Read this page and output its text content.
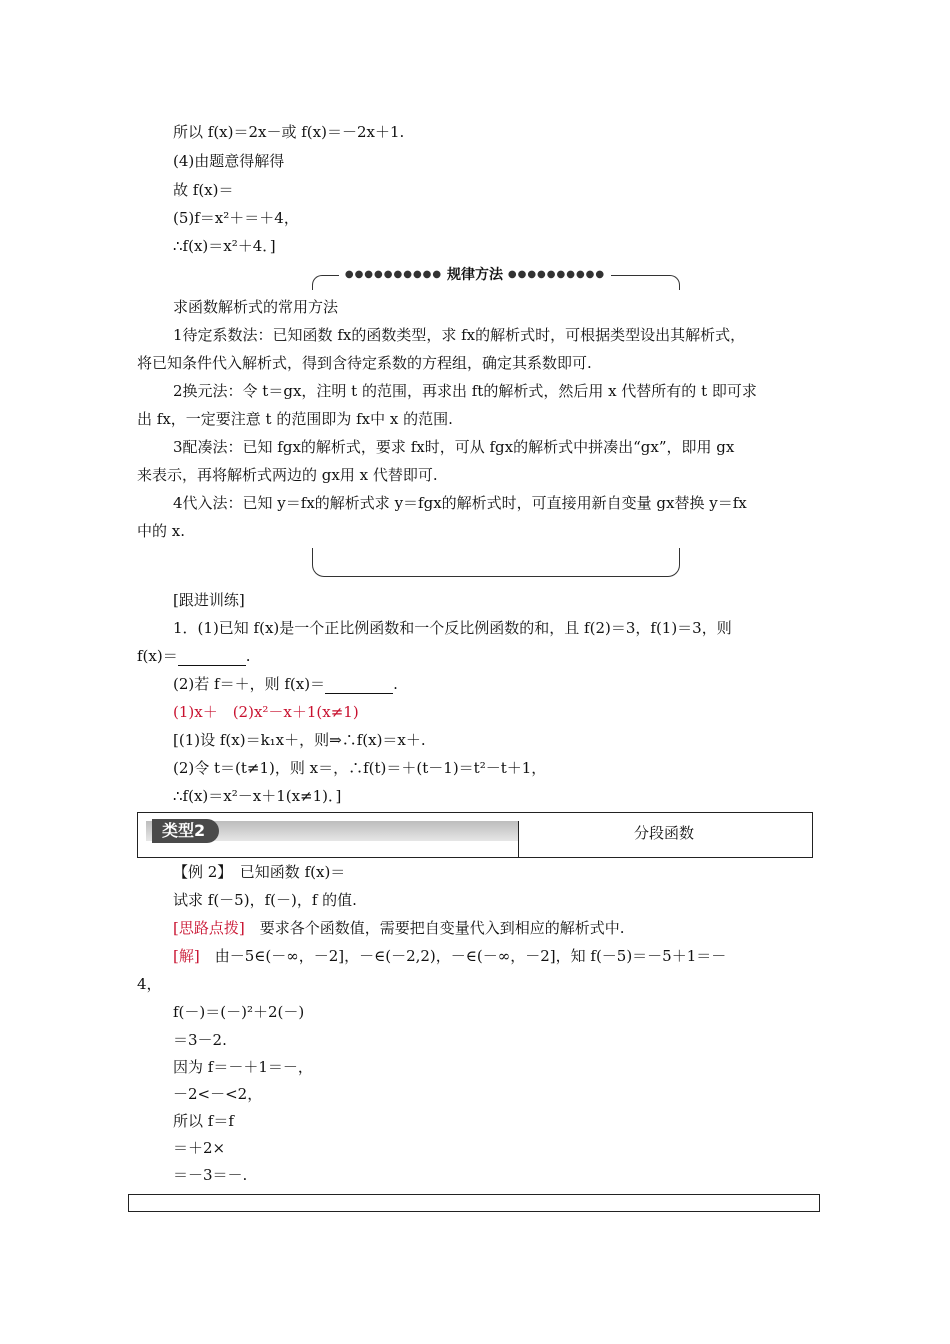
所以 f(x)＝2x－或 f(x)＝－2x＋1.
(4)由题意得解得
故 f(x)＝
(5)f＝x²＋＝＋4，
∴f(x)＝x²＋4．]
●●●●●●●●●● 规律方法 ●●●●●●●●●●
求函数解析式的常用方法
1待定系数法：已知函数 fx的函数类型，求 fx的解析式时，可根据类型设出其解析式，
将已知条件代入解析式，得到含待定系数的方程组，确定其系数即可.
2换元法：令 t＝gx，注明 t 的范围，再求出 ft的解析式，然后用 x 代替所有的 t 即可求
出 fx，一定要注意 t 的范围即为 fx中 x 的范围.
3配凑法：已知 fgx的解析式，要求 fx时，可从 fgx的解析式中拼凑出“gx”，即用 gx
来表示，再将解析式两边的 gx用 x 代替即可.
4代入法：已知 y＝fx的解析式求 y＝fgx的解析式时，可直接用新自变量 gx替换 y＝fx
中的 x.
[跟进训练]
1．(1)已知 f(x)是一个正比例函数和一个反比例函数的和，且 f(2)＝3，f(1)＝3，则
f(x)＝	.
(2)若 f＝＋，则 f(x)＝	.
(1)x＋　(2)x²－x＋1(x≠1)
[(1)设 f(x)＝k₁x＋，则⇒∴f(x)＝x＋.
(2)令 t＝(t≠1)，则 x＝，∴f(t)＝＋(t－1)＝t²－t＋1，
∴f(x)＝x²－x＋1(x≠1)．]
类型2	分段函数
【例 2】　已知函数 f(x)＝
试求 f(－5)，f(－)，f 的值.
[思路点拨]　要求各个函数值，需要把自变量代入到相应的解析式中.
[解]　由－5∈(－∞，－2]，－∈(－2,2)，－∈(－∞，－2]，知 f(－5)＝－5＋1＝－
4，
f(－)＝(－)²＋2(－)
＝3－2.
因为 f＝－＋1＝－，
－2<－<2，
所以 f＝f
＝＋2×
＝－3＝－.
